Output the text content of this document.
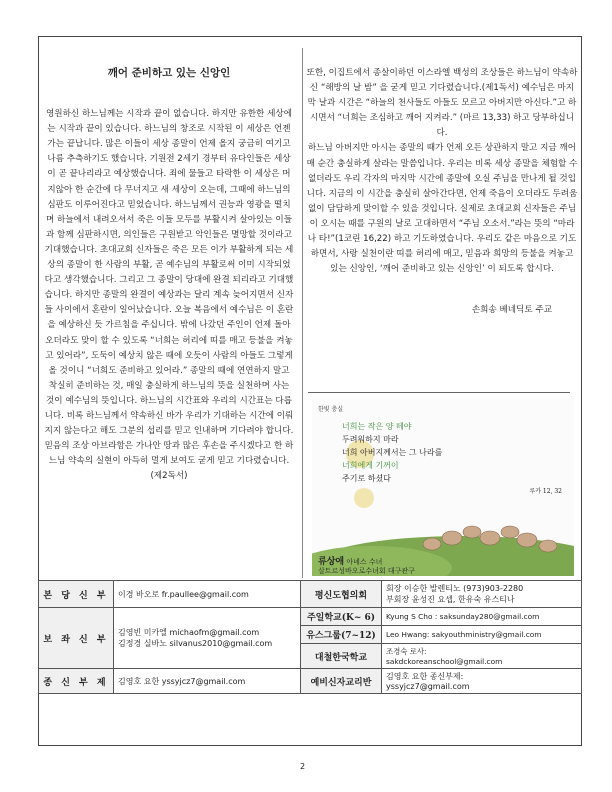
깨어 준비하고 있는 신앙인

영원하신 하느님께는 시작과 끝이 없습니다. 하지만 유한한 세상에는 시작과 끝이 있습니다. 하느님의 창조로 시작된 이 세상은 언젠가는 끝납니다. 많은 이들이 세상 종말이 언제 올지 궁금히 여기고 나름 추측하기도 했습니다. 기원전 2세기 경부터 유다인들은 세상이 곧 끝나리라고 예상했습니다. 죄에 물들고 타락한 이 세상은 머지않아 한 순간에 다 무너지고 새 세상이 오는데, 그때에 하느님의 심판도 이루어진다고 믿었습니다. 하느님께서 권능과 영광을 떨치며 하늘에서 내려오셔서 죽은 이들 모두를 부활시켜 살아있는 이들과 함께 심판하시면, 의인들은 구원받고 악인들은 멸망할 것이라고 기대했습니다. 초대교회 신자들은 죽은 모든 이가 부활하게 되는 세상의 종말이 한 사람의 부활, 곧 예수님의 부활로써 이미 시작되었다고 생각했습니다. 그리고 그 종말이 당대에 완결 되리라고 기대했습니다. 하지만 종말의 완결이 예상과는 달리 계속 늦어지면서 신자들 사이에서 혼란이 일어났습니다. 오늘 복음에서 예수님은 이 혼란을 예상하신 듯 가르침을 주십니다. 밖에 나갔던 주인이 언제 돌아오더라도 맞이 할 수 있도록 “너희는 허리에 띠를 매고 등불을 켜놓고 있어라”, 도둑이 예상치 않은 때에 오듯이 사람의 아들도 그렇게 올 것이니 “너희도 준비하고 있어라.” 종말의 때에 연연하지 말고 착실히 준비하는 것, 매일 충실하게 하느님의 뜻을 실천하며 사는 것이 예수님의 뜻입니다. 하느님의 시간표와 우리의 시간표는 다릅니다. 비록 하느님께서 약속하신 바가 우리가 기대하는 시간에 이뤄지지 않는다고 해도 그분의 섭리를 믿고 인내하며 기다려야 합니다. 믿음의 조상 아브라함은 가나안 땅과 많은 후손을 주시겠다고 한 하느님 약속의 실현이 아득히 멀게 보여도 굳게 믿고 기다렸습니다.(제2독서)

또한, 이집트에서 종살이하던 이스라엘 백성의 조상들은 하느님이 약속하신 “해방의 날 밤” 을 굳게 믿고 기다렸습니다.(제1독서) 예수님은 마지막 날과 시간은 “하늘의 천사들도 아들도 모르고 아버지만 아신다.”고 하시면서 “너희는 조심하고 깨어 지켜라.” (마르 13,33) 하고 당부하십니다.

하느님 아버지만 아시는 종말의 때가 언제 오든 상관하지 말고 지금 깨어 매 순간 충실하게 살라는 말씀입니다. 우리는 비록 세상 종말을 체험할 수 없더라도 우리 각자의 마지막 시간에 종말에 오실 주님을 만나게 될 것입니다. 지금의 이 시간을 충실히 살아간다면, 언제 죽음이 오더라도 두려움 없이 담담하게 맞이할 수 있을 것입니다. 실제로 초대교회 신자들은 주님이 오시는 때를 구원의 날로 고대하면서 “주님 오소서.”라는 뜻의 “마라나 타!”(1코린 16,22) 하고 기도하였습니다. 우리도 같은 마음으로 기도하면서, 사랑 실천이란 띠를 허리에 매고, 믿음과 희망의 등불을 켜놓고 있는 신앙인, ‘깨어 준비하고 있는 신앙인’ 이 되도록 합시다.

손희송 베네딕토 주교

한빛 충실
너희는 작은 양 떼야
두려워하지 마라
너희 아버지께서는 그 나라를
너희에게 기꺼이
주기로 하셨다
루카 12, 32
류상애 아녜스 수녀
살트르성바오로수녀회 대구관구
본 당 신 부	이경 바오로 fr.paullee@gmail.com	평신도협의회	회장 이승한 발렌티노 (973)903-2280
부회장 윤성진 요셉, 한유숙 유스티나

보 좌 신 부	김영빈 미카엘 michaofm@gmail.com
김정경 실바노 silvanus2010@gmail.com	주일학교(K~ 6)	Kyung S Cho : saksunday280@gmail.com
		유스그룹(7~12)	Leo Hwang: sakyouthministry@gmail.com
		대철한국학교	조경숙 로사:
sakdckoreanschool@gmail.com

종 신 부 제	김영호 요한 yssyjcz7@gmail.com	예비신자교리반	김영호 요한 종신부제:
yssyjcz7@gmail.com
2
